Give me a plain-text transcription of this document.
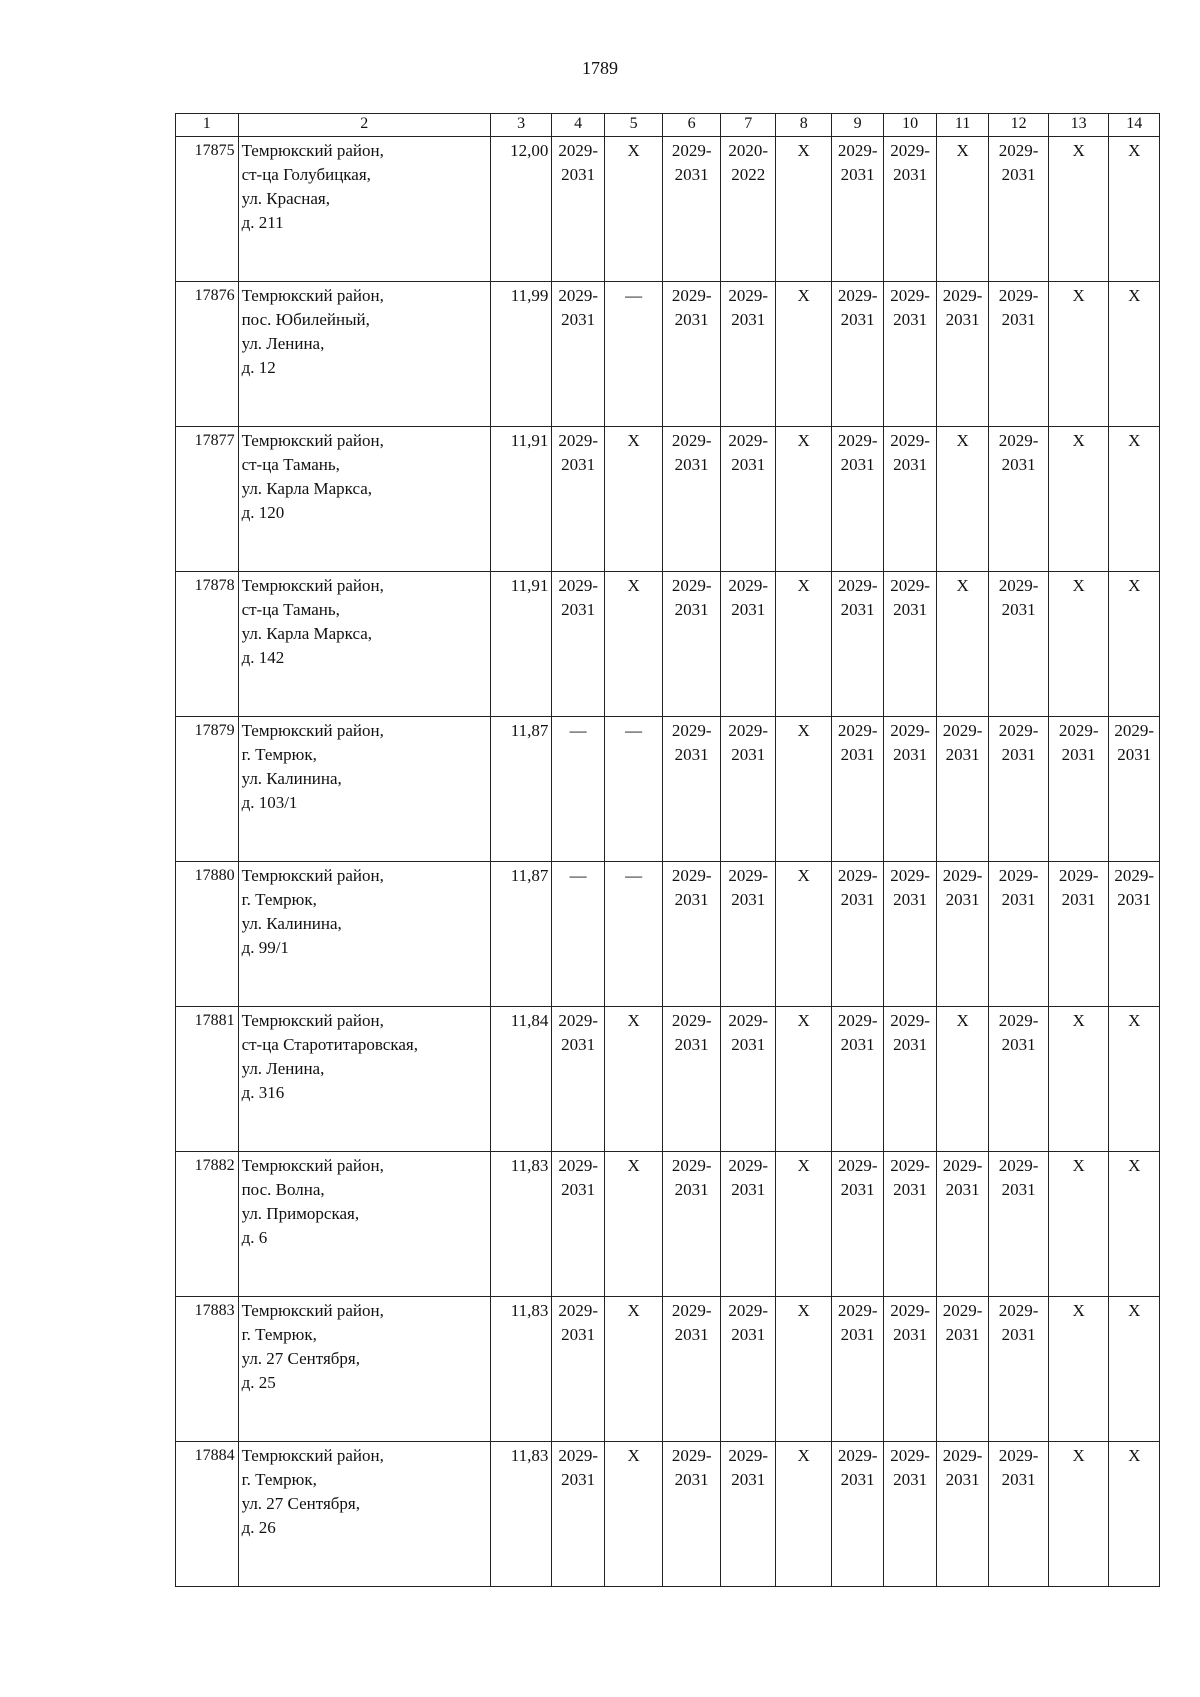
1789
1	2	3	4	5	6	7	8	9	10	11	12	13	14
17875	Темрюкский район,
ст-ца Голубицкая,
ул. Красная,
д. 211	12,00	2029-
2031	X	2029-
2031	2020-
2022	X	2029-
2031	2029-
2031	X	2029-
2031	X	X

17876	Темрюкский район,
пос. Юбилейный,
ул. Ленина,
д. 12	11,99	2029-
2031	—	2029-
2031	2029-
2031	X	2029-
2031	2029-
2031	2029-
2031	2029-
2031	X	X

17877	Темрюкский район,
ст-ца Тамань,
ул. Карла Маркса,
д. 120	11,91	2029-
2031	X	2029-
2031	2029-
2031	X	2029-
2031	2029-
2031	X	2029-
2031	X	X

17878	Темрюкский район,
ст-ца Тамань,
ул. Карла Маркса,
д. 142	11,91	2029-
2031	X	2029-
2031	2029-
2031	X	2029-
2031	2029-
2031	X	2029-
2031	X	X

17879	Темрюкский район,
г. Темрюк,
ул. Калинина,
д. 103/1	11,87	—	—	2029-
2031	2029-
2031	X	2029-
2031	2029-
2031	2029-
2031	2029-
2031	2029-
2031	2029-
2031

17880	Темрюкский район,
г. Темрюк,
ул. Калинина,
д. 99/1	11,87	—	—	2029-
2031	2029-
2031	X	2029-
2031	2029-
2031	2029-
2031	2029-
2031	2029-
2031	2029-
2031

17881	Темрюкский район,
ст-ца Старотитаровская,
ул. Ленина,
д. 316	11,84	2029-
2031	X	2029-
2031	2029-
2031	X	2029-
2031	2029-
2031	X	2029-
2031	X	X

17882	Темрюкский район,
пос. Волна,
ул. Приморская,
д. 6	11,83	2029-
2031	X	2029-
2031	2029-
2031	X	2029-
2031	2029-
2031	2029-
2031	2029-
2031	X	X

17883	Темрюкский район,
г. Темрюк,
ул. 27 Сентября,
д. 25	11,83	2029-
2031	X	2029-
2031	2029-
2031	X	2029-
2031	2029-
2031	2029-
2031	2029-
2031	X	X

17884	Темрюкский район,
г. Темрюк,
ул. 27 Сентября,
д. 26	11,83	2029-
2031	X	2029-
2031	2029-
2031	X	2029-
2031	2029-
2031	2029-
2031	2029-
2031	X	X
